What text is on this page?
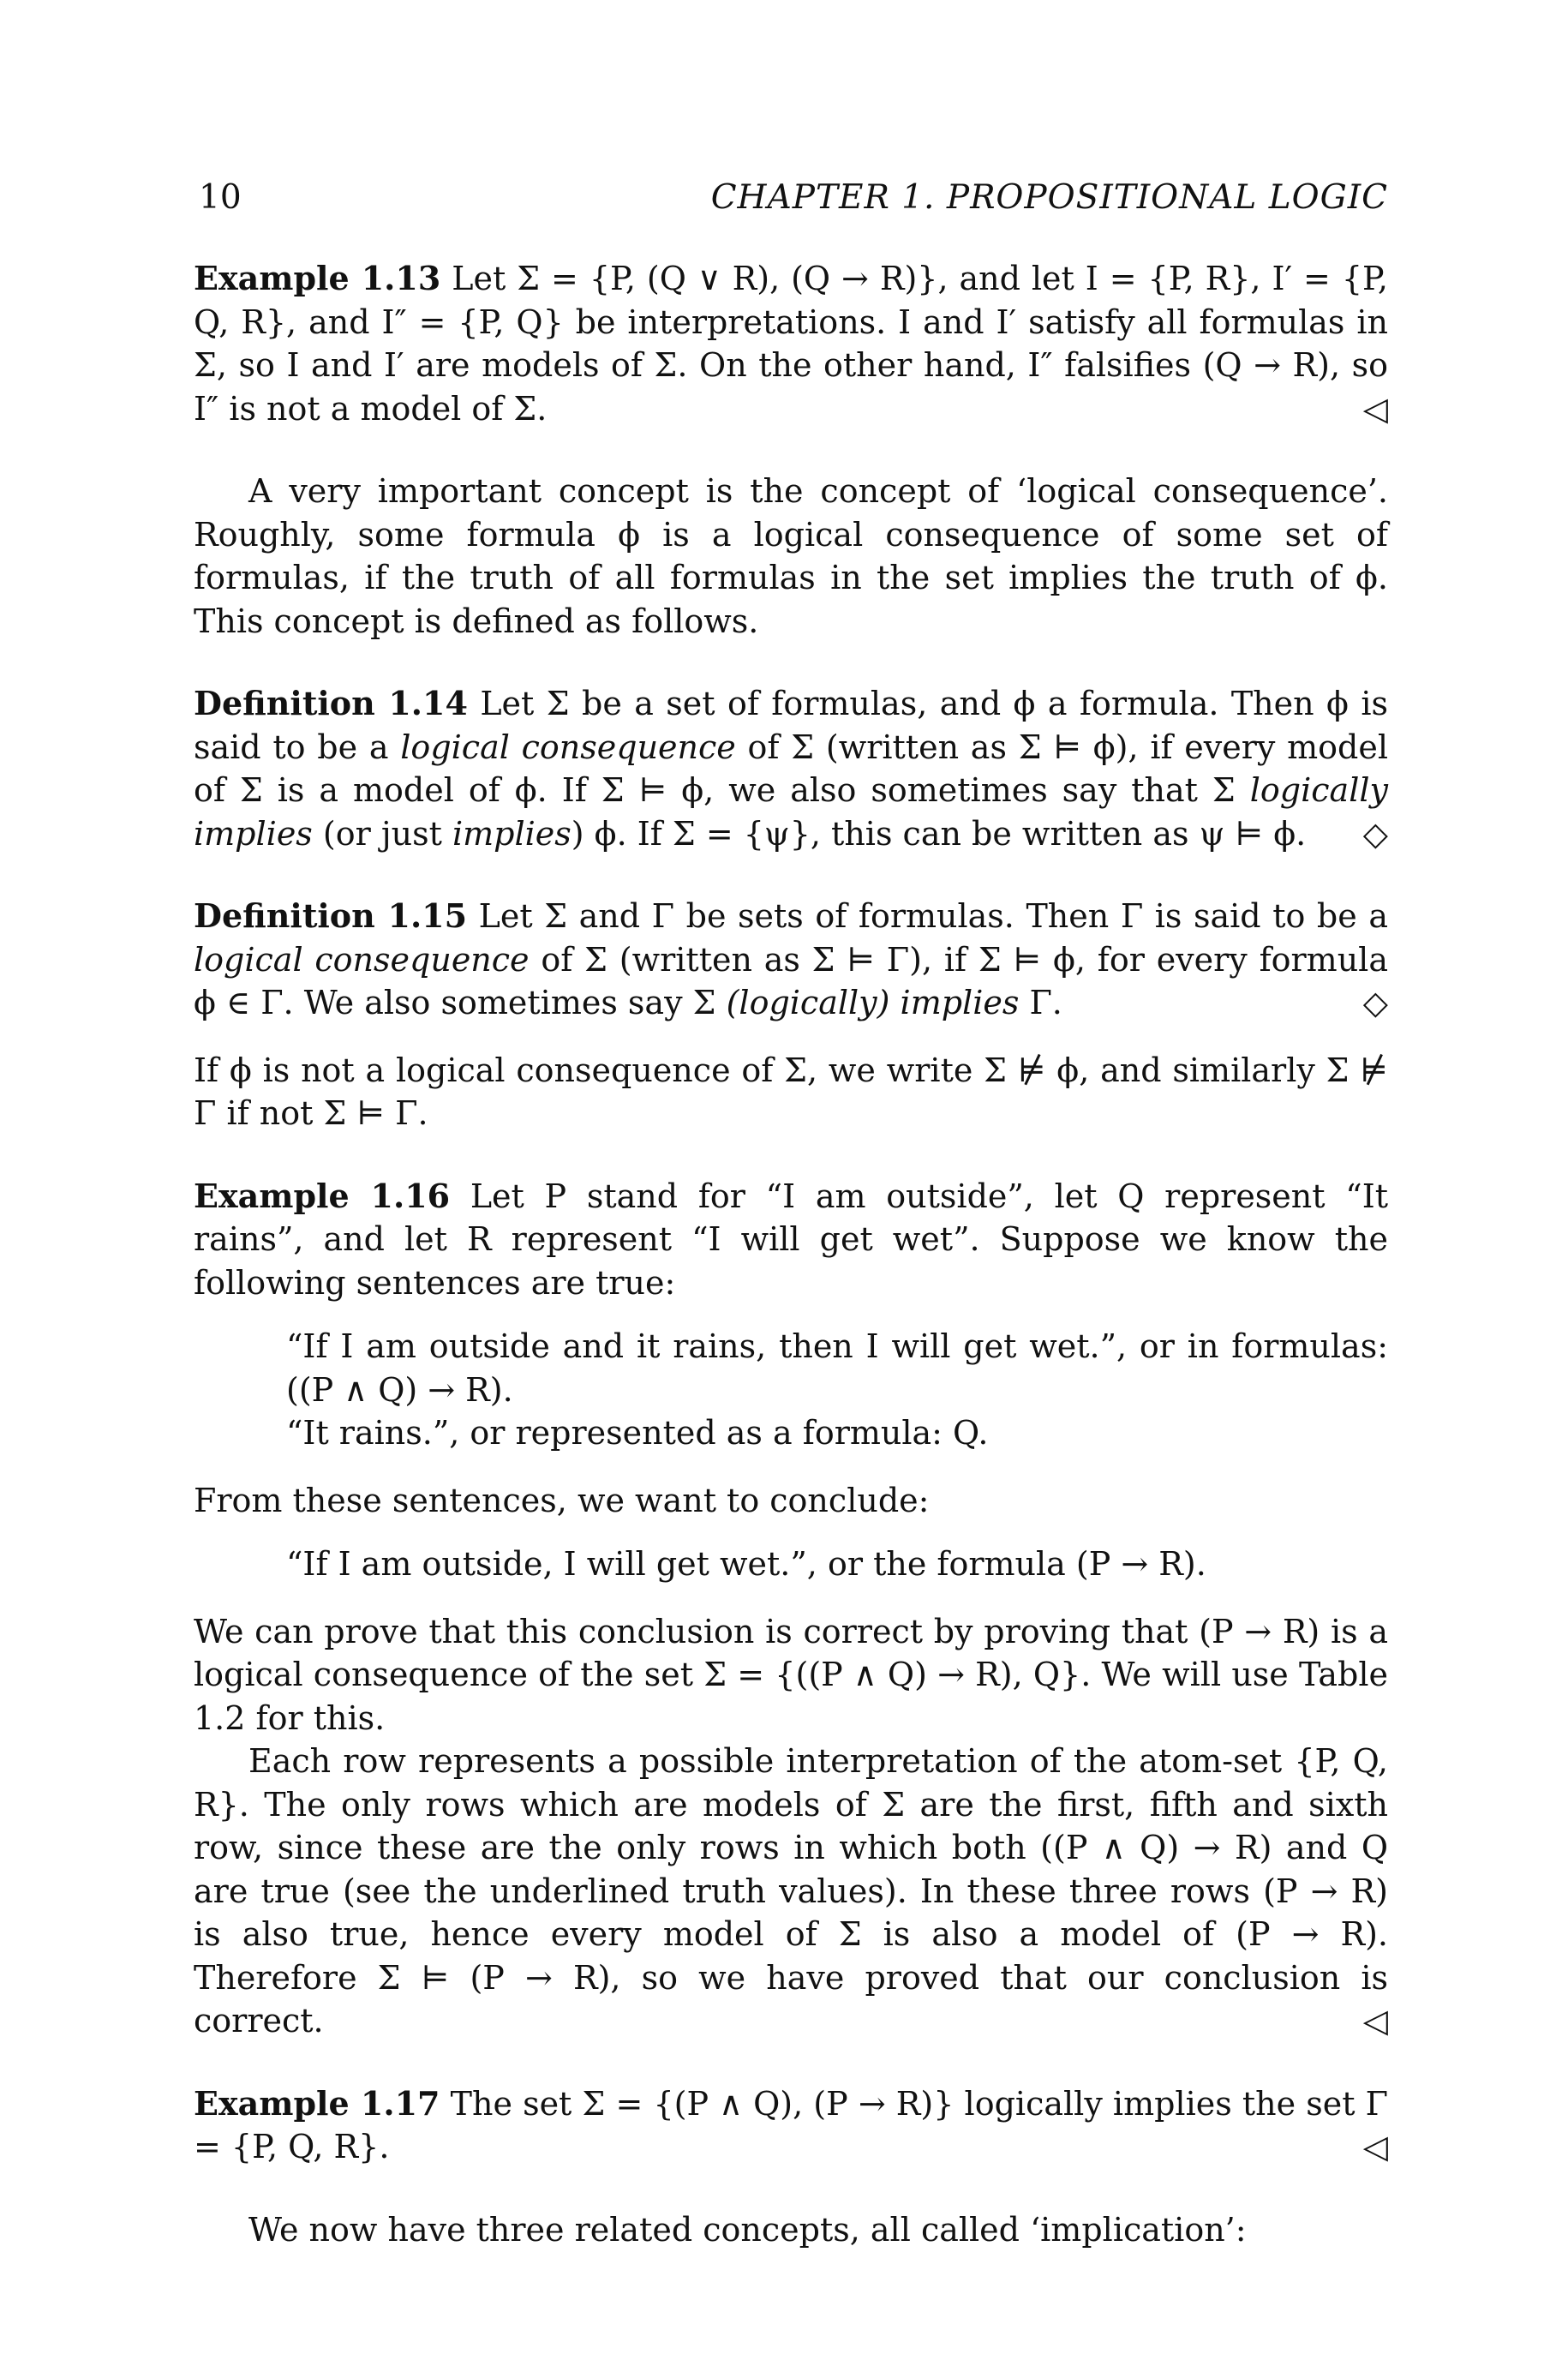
10	CHAPTER 1. PROPOSITIONAL LOGIC

Example 1.13 Let Σ = {P, (Q ∨ R), (Q → R)}, and let I = {P, R}, I′ = {P, Q, R}, and I″ = {P, Q} be interpretations. I and I′ satisfy all formulas in Σ, so I and I′ are models of Σ. On the other hand, I″ falsifies (Q → R), so I″ is not a model of Σ.	◁

A very important concept is the concept of ‘logical consequence’. Roughly, some formula ϕ is a logical consequence of some set of formulas, if the truth of all formulas in the set implies the truth of ϕ. This concept is defined as follows.

Definition 1.14 Let Σ be a set of formulas, and ϕ a formula. Then ϕ is said to be a logical consequence of Σ (written as Σ ⊨ ϕ), if every model of Σ is a model of ϕ. If Σ ⊨ ϕ, we also sometimes say that Σ logically implies (or just implies) ϕ. If Σ = {ψ}, this can be written as ψ ⊨ ϕ. ◇

Definition 1.15 Let Σ and Γ be sets of formulas. Then Γ is said to be a logical consequence of Σ (written as Σ ⊨ Γ), if Σ ⊨ ϕ, for every formula ϕ ∈ Γ. We also sometimes say Σ (logically) implies Γ.	◇

If ϕ is not a logical consequence of Σ, we write Σ ⊭ ϕ, and similarly Σ ⊭ Γ if not Σ ⊨ Γ.

Example 1.16 Let P stand for “I am outside”, let Q represent “It rains”, and let R represent “I will get wet”. Suppose we know the following sentences are true:

“If I am outside and it rains, then I will get wet.”, or in formulas: ((P ∧ Q) → R).

“It rains.”, or represented as a formula: Q.

From these sentences, we want to conclude:

“If I am outside, I will get wet.”, or the formula (P → R).

We can prove that this conclusion is correct by proving that (P → R) is a logical consequence of the set Σ = {((P ∧ Q) → R), Q}. We will use Table 1.2 for this.

Each row represents a possible interpretation of the atom-set {P, Q, R}. The only rows which are models of Σ are the first, fifth and sixth row, since these are the only rows in which both ((P ∧ Q) → R) and Q are true (see the underlined truth values). In these three rows (P → R) is also true, hence every model of Σ is also a model of (P → R). Therefore Σ ⊨ (P → R), so we have proved that our conclusion is correct.	◁

Example 1.17 The set Σ = {(P ∧ Q), (P → R)} logically implies the set Γ = {P, Q, R}.	◁

We now have three related concepts, all called ‘implication’:
